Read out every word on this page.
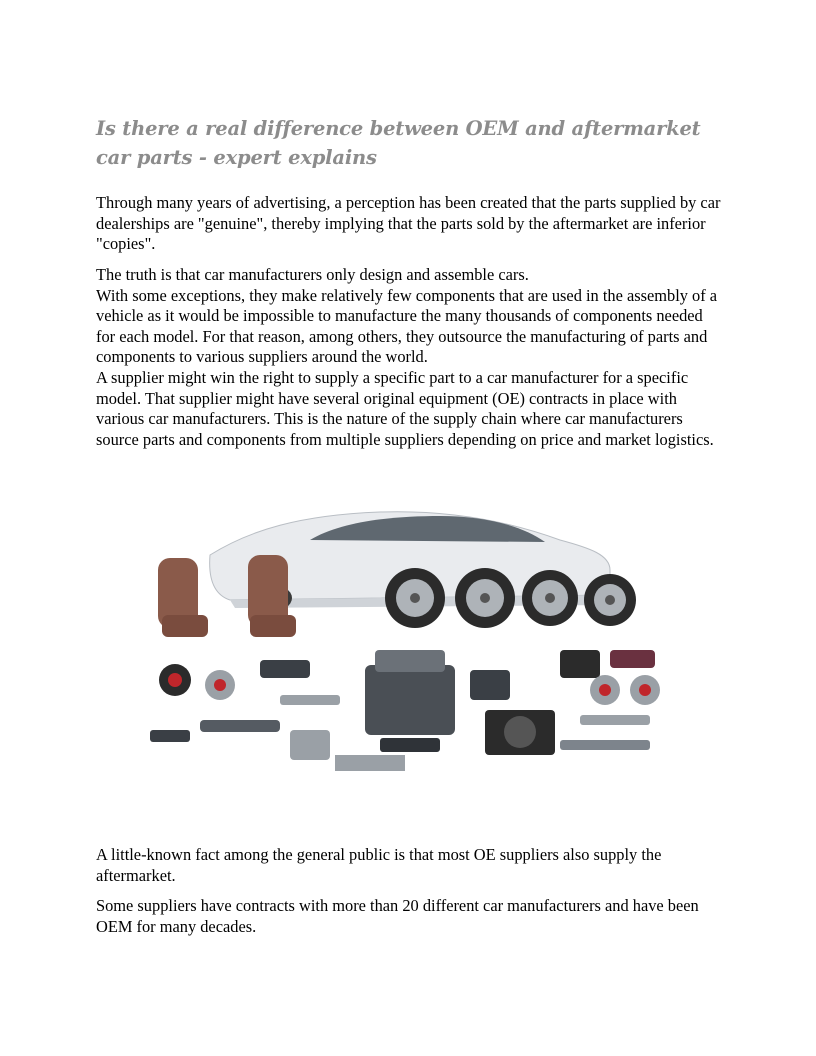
Is there a real difference between OEM and aftermarket car parts - expert explains

Through many years of advertising, a perception has been created that the parts supplied by car dealerships are "genuine", thereby implying that the parts sold by the aftermarket are inferior "copies".

The truth is that car manufacturers only design and assemble cars.
With some exceptions, they make relatively few components that are used in the assembly of a vehicle as it would be impossible to manufacture the many thousands of components needed for each model. For that reason, among others, they outsource the manufacturing of parts and components to various suppliers around the world.
A supplier might win the right to supply a specific part to a car manufacturer for a specific model. That supplier might have several original equipment (OE) contracts in place with various car manufacturers. This is the nature of the supply chain where car manufacturers source parts and components from multiple suppliers depending on price and market logistics.

A little-known fact among the general public is that most OE suppliers also supply the aftermarket.

Some suppliers have contracts with more than 20 different car manufacturers and have been OEM for many decades.
